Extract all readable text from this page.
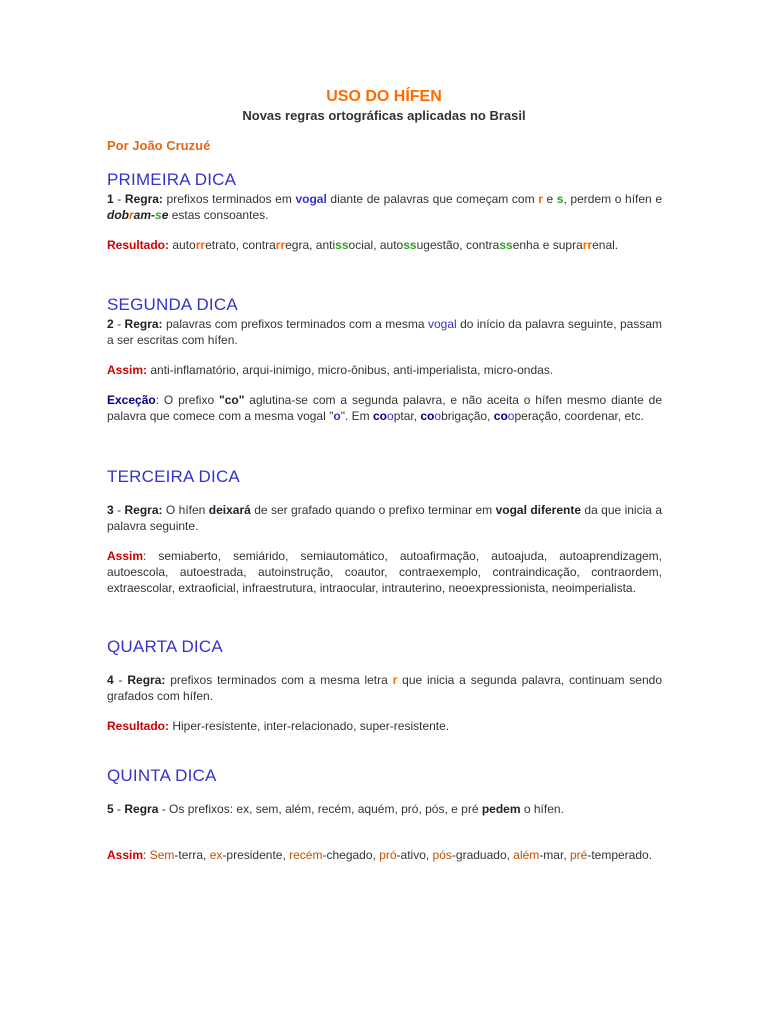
USO DO HÍFEN
Novas regras ortográficas aplicadas no Brasil
Por João Cruzué
PRIMEIRA DICA

1 - Regra: prefixos terminados em vogal diante de palavras que começam com r e s, perdem o hífen e dobram-se estas consoantes.

Resultado: autorretrato, contrarregra, antissocial, autossugestão, contrassenha e suprarrenal.

SEGUNDA DICA

2 - Regra: palavras com prefixos terminados com a mesma vogal do início da palavra seguinte, passam a ser escritas com hífen.

Assim: anti-inflamatório, arqui-inimigo, micro-ônibus, anti-imperialista, micro-ondas.

Exceção: O prefixo "co" aglutina-se com a segunda palavra, e não aceita o hífen mesmo diante de palavra que comece com a mesma vogal "o". Em cooptar, coobrigação, cooperação, coordenar, etc.

TERCEIRA DICA

3 - Regra: O hífen deixará de ser grafado quando o prefixo terminar em vogal diferente da que inicia a palavra seguinte.

Assim: semiaberto, semiárido, semiautomático, autoafirmação, autoajuda, autoaprendizagem, autoescola, autoestrada, autoinstrução, coautor, contraexemplo, contraindicação, contraordem, extraescolar, extraoficial, infraestrutura, intraocular, intrauterino, neoexpressionista, neoimperialista.

QUARTA DICA

4 - Regra: prefixos terminados com a mesma letra r que inicia a segunda palavra, continuam sendo grafados com hífen.

Resultado: Hiper-resistente, inter-relacionado, super-resistente.

QUINTA DICA

5 - Regra - Os prefixos: ex, sem, além, recém, aquém, pró, pós, e pré pedem o hífen.

Assim: Sem-terra, ex-presidente, recém-chegado, pró-ativo, pós-graduado, além-mar, pré-temperado.
